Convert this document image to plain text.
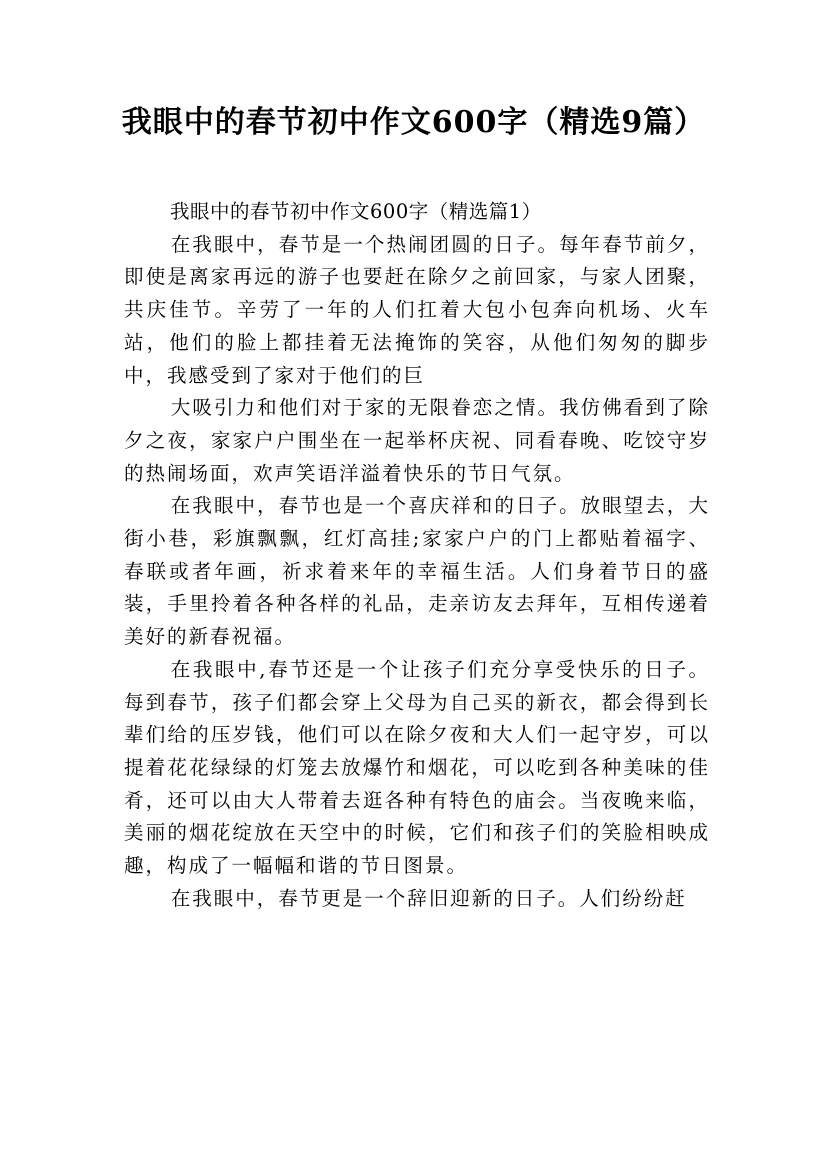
我眼中的春节初中作文600字（精选9篇）

我眼中的春节初中作文600字（精选篇1）

在我眼中，春节是一个热闹团圆的日子。每年春节前夕，即使是离家再远的游子也要赶在除夕之前回家，与家人团聚，共庆佳节。辛劳了一年的人们扛着大包小包奔向机场、火车站，他们的脸上都挂着无法掩饰的笑容，从他们匆匆的脚步中，我感受到了家对于他们的巨

大吸引力和他们对于家的无限眷恋之情。我仿佛看到了除夕之夜，家家户户围坐在一起举杯庆祝、同看春晚、吃饺守岁的热闹场面，欢声笑语洋溢着快乐的节日气氛。

在我眼中，春节也是一个喜庆祥和的日子。放眼望去，大街小巷，彩旗飘飘，红灯高挂;家家户户的门上都贴着福字、春联或者年画，祈求着来年的幸福生活。人们身着节日的盛装，手里拎着各种各样的礼品，走亲访友去拜年，互相传递着美好的新春祝福。

在我眼中,春节还是一个让孩子们充分享受快乐的日子。每到春节，孩子们都会穿上父母为自己买的新衣，都会得到长辈们给的压岁钱，他们可以在除夕夜和大人们一起守岁，可以提着花花绿绿的灯笼去放爆竹和烟花，可以吃到各种美味的佳肴，还可以由大人带着去逛各种有特色的庙会。当夜晚来临，美丽的烟花绽放在天空中的时候，它们和孩子们的笑脸相映成趣，构成了一幅幅和谐的节日图景。

在我眼中，春节更是一个辞旧迎新的日子。人们纷纷赶
